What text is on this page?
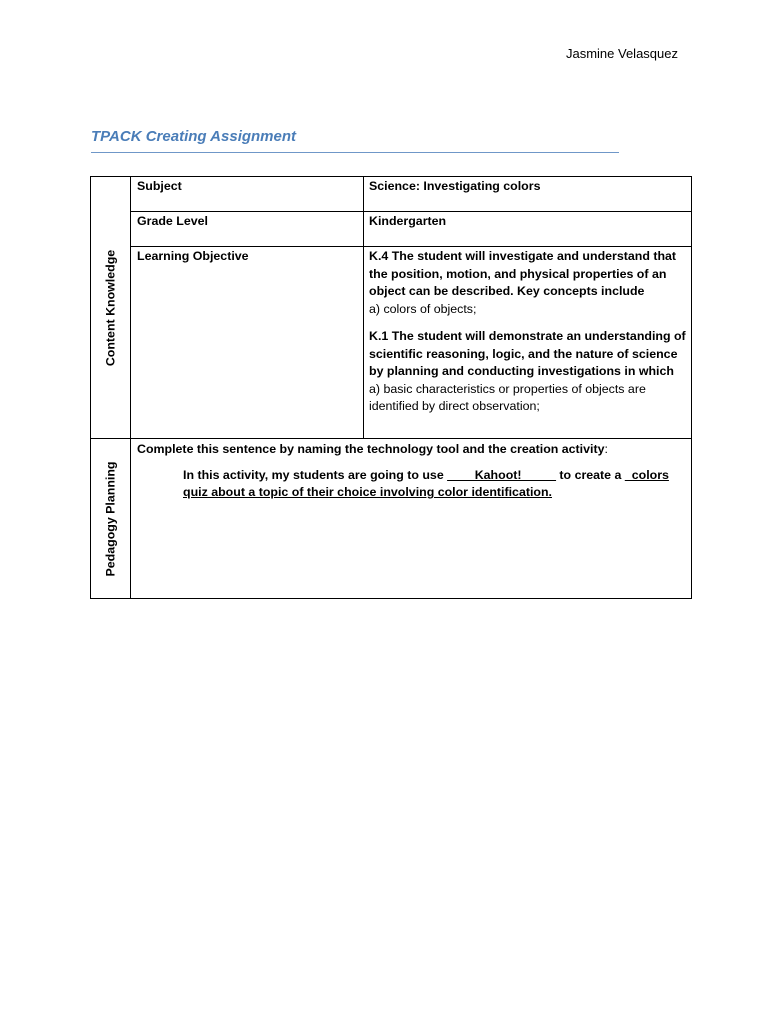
Jasmine Velasquez
TPACK Creating Assignment
Content Knowledge	Subject	Science: Investigating colors
	Grade Level	Kindergarten
	Learning Objective	K.4 The student will investigate and understand that the position, motion, and physical properties of an object can be described. Key concepts include
a) colors of objects;
K.1 The student will demonstrate an understanding of scientific reasoning, logic, and the nature of science by planning and conducting investigations in which
a) basic characteristics or properties of objects are identified by direct observation;

Pedagogy Planning	Complete this sentence by naming the technology tool and the creation activity:
In this activity, my students are going to use ____Kahoot!_____ to create a _colors quiz about a topic of their choice involving color identification.	
